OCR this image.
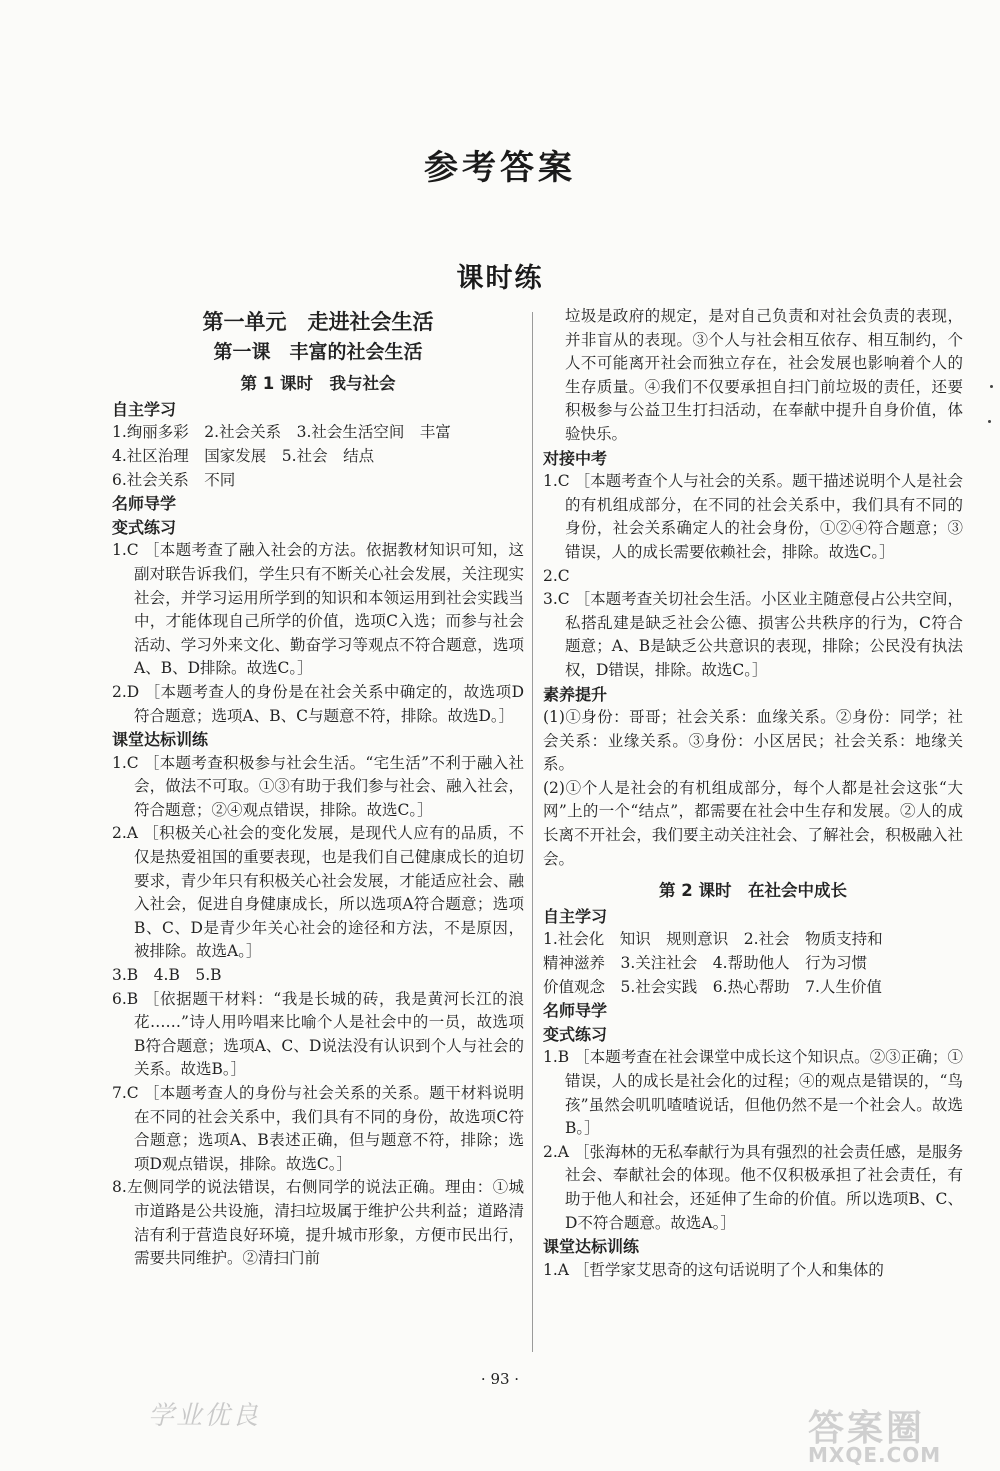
参考答案
课时练
第一单元　走进社会生活
第一课　丰富的社会生活
第 1 课时　我与社会
自主学习
1.绚丽多彩　2.社会关系　3.社会生活空间　丰富
4.社区治理　国家发展　5.社会　结点
6.社会关系　不同
名师导学
变式练习
1.C ［本题考查了融入社会的方法。依据教材知识可知，这副对联告诉我们，学生只有不断关心社会发展，关注现实社会，并学习运用所学到的知识和本领运用到社会实践当中，才能体现自己所学的价值，选项C入选；而参与社会活动、学习外来文化、勤奋学习等观点不符合题意，选项A、B、D排除。故选C。］
2.D ［本题考查人的身份是在社会关系中确定的，故选项D符合题意；选项A、B、C与题意不符，排除。故选D。］
课堂达标训练
1.C ［本题考查积极参与社会生活。“宅生活”不利于融入社会，做法不可取。①③有助于我们参与社会、融入社会，符合题意；②④观点错误，排除。故选C。］
2.A ［积极关心社会的变化发展，是现代人应有的品质，不仅是热爱祖国的重要表现，也是我们自己健康成长的迫切要求，青少年只有积极关心社会发展，才能适应社会、融入社会，促进自身健康成长，所以选项A符合题意；选项B、C、D是青少年关心社会的途径和方法，不是原因，被排除。故选A。］
3.B　4.B　5.B
6.B ［依据题干材料：“我是长城的砖，我是黄河长江的浪花……”诗人用吟唱来比喻个人是社会中的一员，故选项B符合题意；选项A、C、D说法没有认识到个人与社会的关系。故选B。］
7.C ［本题考查人的身份与社会关系的关系。题干材料说明在不同的社会关系中，我们具有不同的身份，故选项C符合题意；选项A、B表述正确，但与题意不符，排除；选项D观点错误，排除。故选C。］
8.左侧同学的说法错误，右侧同学的说法正确。理由：①城市道路是公共设施，清扫垃圾属于维护公共利益；道路清洁有利于营造良好环境，提升城市形象，方便市民出行，需要共同维护。②清扫门前
垃圾是政府的规定，是对自己负责和对社会负责的表现，并非盲从的表现。③个人与社会相互依存、相互制约，个人不可能离开社会而独立存在，社会发展也影响着个人的生存质量。④我们不仅要承担自扫门前垃圾的责任，还要积极参与公益卫生打扫活动，在奉献中提升自身价值，体验快乐。
对接中考
1.C ［本题考查个人与社会的关系。题干描述说明个人是社会的有机组成部分，在不同的社会关系中，我们具有不同的身份，社会关系确定人的社会身份，①②④符合题意；③错误，人的成长需要依赖社会，排除。故选C。］
2.C
3.C ［本题考查关切社会生活。小区业主随意侵占公共空间，私搭乱建是缺乏社会公德、损害公共秩序的行为，C符合题意；A、B是缺乏公共意识的表现，排除；公民没有执法权，D错误，排除。故选C。］
素养提升
(1)①身份：哥哥；社会关系：血缘关系。②身份：同学；社会关系：业缘关系。③身份：小区居民；社会关系：地缘关系。
(2)①个人是社会的有机组成部分，每个人都是社会这张“大网”上的一个“结点”，都需要在社会中生存和发展。②人的成长离不开社会，我们要主动关注社会、了解社会，积极融入社会。
第 2 课时　在社会中成长
自主学习
1.社会化　知识　规则意识　2.社会　物质支持和
精神滋养　3.关注社会　4.帮助他人　行为习惯
价值观念　5.社会实践　6.热心帮助　7.人生价值
名师导学
变式练习
1.B ［本题考查在社会课堂中成长这个知识点。②③正确；①错误，人的成长是社会化的过程；④的观点是错误的，“鸟孩”虽然会叽叽喳喳说话，但他仍然不是一个社会人。故选B。］
2.A ［张海林的无私奉献行为具有强烈的社会责任感，是服务社会、奉献社会的体现。他不仅积极承担了社会责任，有助于他人和社会，还延伸了生命的价值。所以选项B、C、D不符合题意。故选A。］
课堂达标训练
1.A ［哲学家艾思奇的这句话说明了个人和集体的
· 93 ·
学业优良	答案圈
MXQE.COM
